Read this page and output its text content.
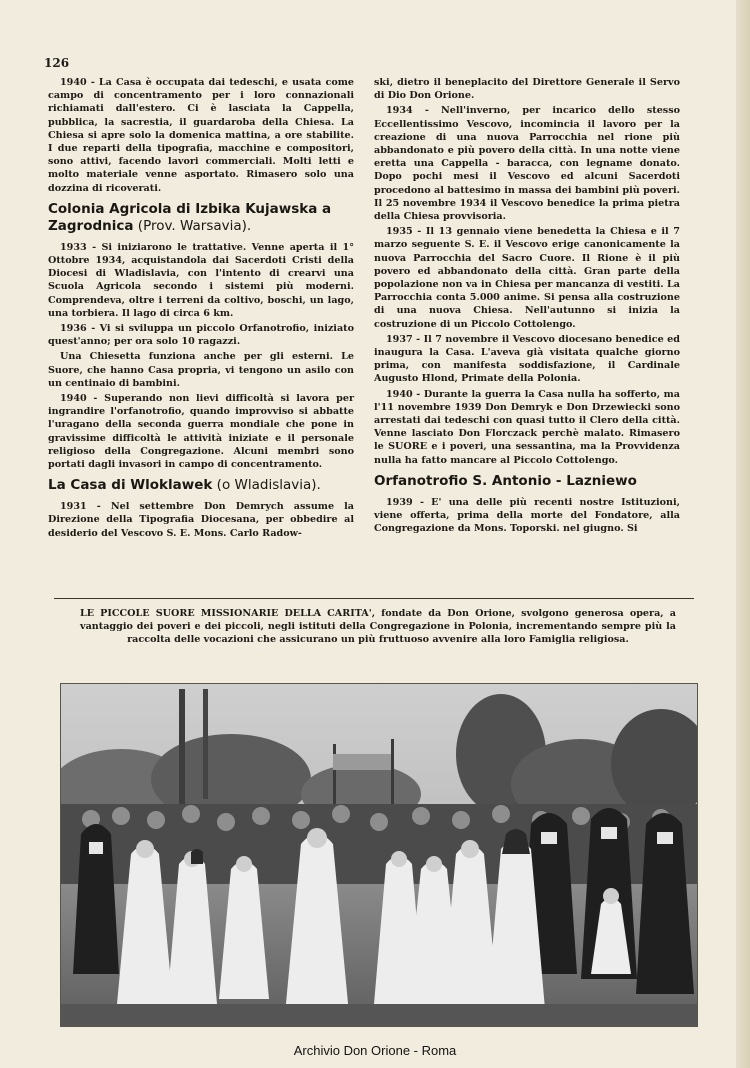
126

1940 - La Casa è occupata dai tedeschi, e usata come campo di concentramento per i loro connazionali richiamati dall'estero. Ci è lasciata la Cappella, pubblica, la sacrestia, il guardaroba della Chiesa. La Chiesa si apre solo la domenica mattina, a ore stabilite. I due reparti della tipografia, macchine e compositori, sono attivi, facendo lavori commerciali. Molti letti e molto materiale venne asportato. Rimasero solo una dozzina di ricoverati.

Colonia Agricola di Izbika Kujawska a Zagrodnica (Prov. Warsavia).

1933 - Si iniziarono le trattative. Venne aperta il 1° Ottobre 1934, acquistandola dai Sacerdoti Cristi della Diocesi di Wladislavia, con l'intento di crearvi una Scuola Agricola secondo i sistemi più moderni. Comprendeva, oltre i terreni da coltivo, boschi, un lago, una torbiera. Il lago di circa 6 km.

1936 - Vi si sviluppa un piccolo Orfanotrofio, iniziato quest'anno; per ora solo 10 ragazzi.

Una Chiesetta funziona anche per gli esterni. Le Suore, che hanno Casa propria, vi tengono un asilo con un centinaio di bambini.

1940 - Superando non lievi difficoltà si lavora per ingrandire l'orfanotrofio, quando improvviso si abbatte l'uragano della seconda guerra mondiale che pone in gravissime difficoltà le attività iniziate e il personale religioso della Congregazione. Alcuni membri sono portati dagli invasori in campo di concentramento.

La Casa di Wloklawek (o Wladislavia).

1931 - Nel settembre Don Demrych assume la Direzione della Tipografia Diocesana, per obbedire al desiderio del Vescovo S. E. Mons. Carlo Radow-

ski, dietro il beneplacito del Direttore Generale il Servo di Dio Don Orione.

1934 - Nell'inverno, per incarico dello stesso Eccellentissimo Vescovo, incomincia il lavoro per la creazione di una nuova Parrocchia nel rione più abbandonato e più povero della città. In una notte viene eretta una Cappella - baracca, con legname donato. Dopo pochi mesi il Vescovo ed alcuni Sacerdoti procedono al battesimo in massa dei bambini più poveri. Il 25 novembre 1934 il Vescovo benedice la prima pietra della Chiesa provvisoria.

1935 - Il 13 gennaio viene benedetta la Chiesa e il 7 marzo seguente S. E. il Vescovo erige canonicamente la nuova Parrocchia del Sacro Cuore. Il Rione è il più povero ed abbandonato della città. Gran parte della popolazione non va in Chiesa per mancanza di vestiti. La Parrocchia conta 5.000 anime. Si pensa alla costruzione di una nuova Chiesa. Nell'autunno si inizia la costruzione di un Piccolo Cottolengo.

1937 - Il 7 novembre il Vescovo diocesano benedice ed inaugura la Casa. L'aveva già visitata qualche giorno prima, con manifesta soddisfazione, il Cardinale Augusto Hlond, Primate della Polonia.

1940 - Durante la guerra la Casa nulla ha sofferto, ma l'11 novembre 1939 Don Demryk e Don Drzewiecki sono arrestati dai tedeschi con quasi tutto il Clero della città. Venne lasciato Don Florczack perchè malato. Rimasero le SUORE e i poveri, una sessantina, ma la Provvidenza nulla ha fatto mancare al Piccolo Cottolengo.

Orfanotrofio S. Antonio - Lazniewo

1939 - E' una delle più recenti nostre Istituzioni, viene offerta, prima della morte del Fondatore, alla Congregazione da Mons. Toporski. nel giugno. Si

LE PICCOLE SUORE MISSIONARIE DELLA CARITA', fondate da Don Orione, svolgono generosa opera, a vantaggio dei poveri e dei piccoli, negli istituti della Congregazione in Polonia, incrementando sempre più la raccolta delle vocazioni che assicurano un più fruttuoso avvenire alla loro Famiglia religiosa.
Archivio Don Orione - Roma
